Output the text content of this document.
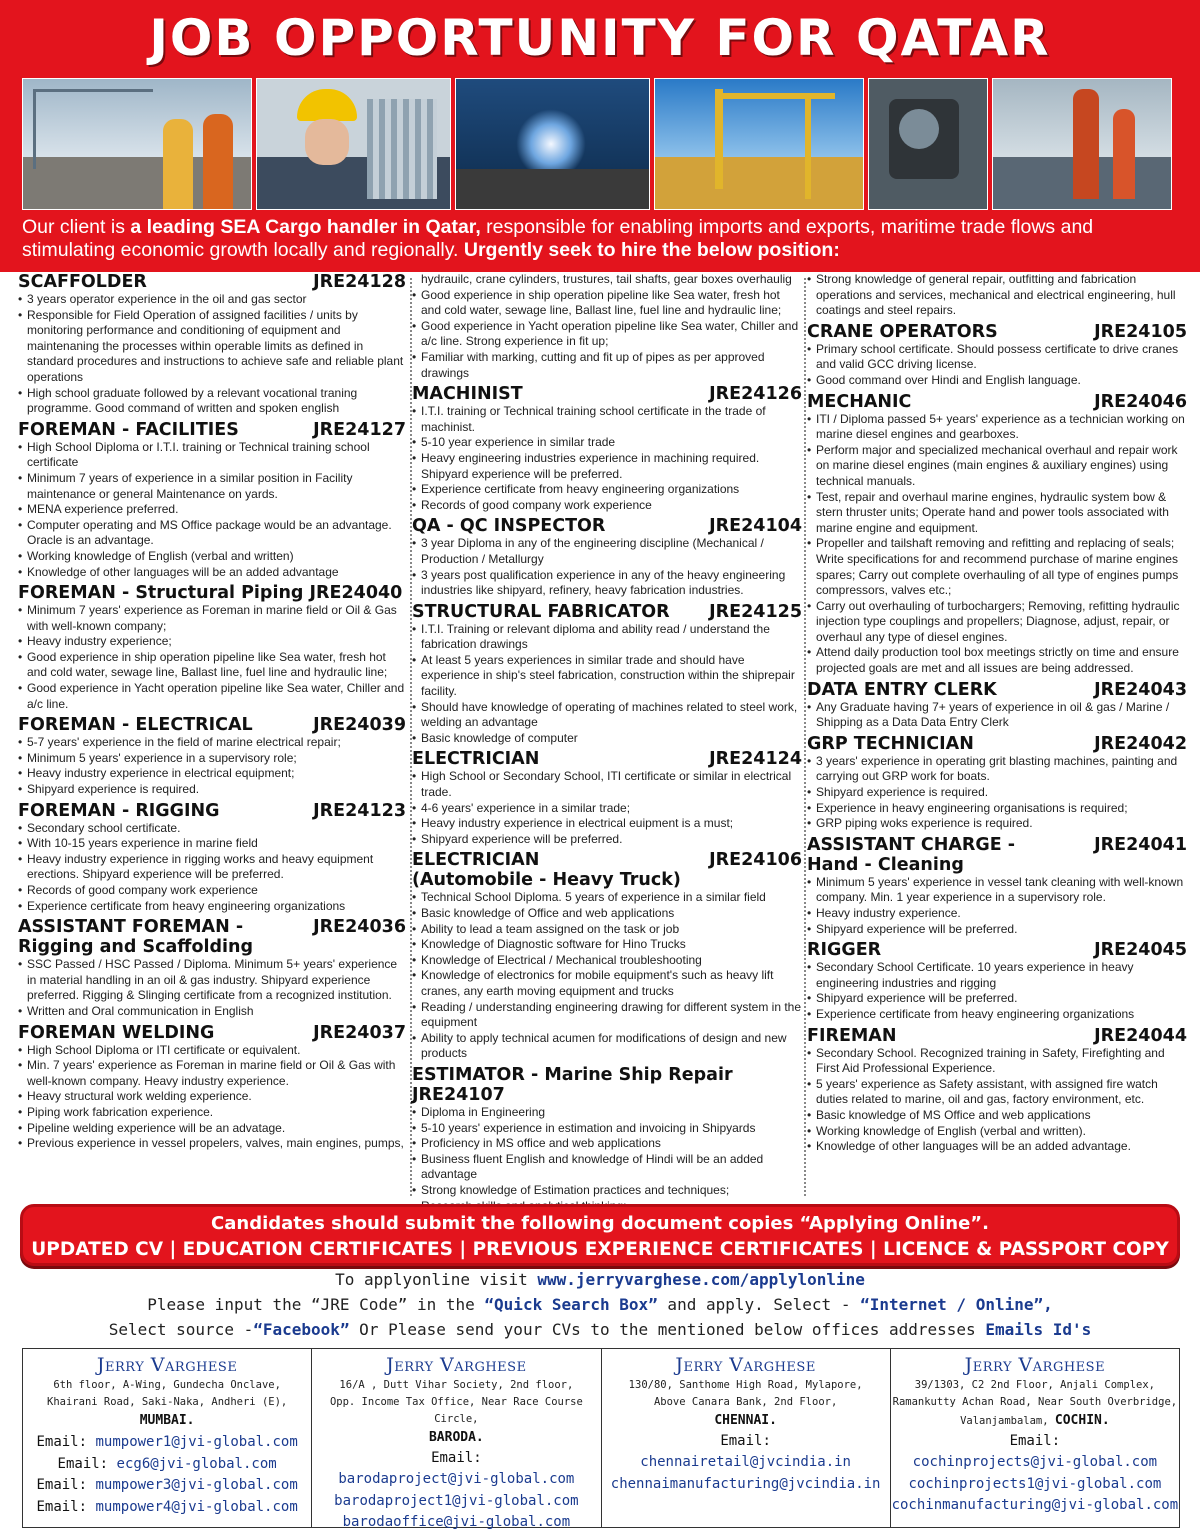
JOB OPPORTUNITY FOR QATAR
Our client is a leading SEA Cargo handler in Qatar, responsible for enabling imports and exports, maritime trade flows and stimulating economic growth locally and regionally. Urgently seek to hire the below position:
SCAFFOLDER	JRE24128
• 3 years operator experience in the oil and gas sector
• Responsible for Field Operation of assigned facilities / units by monitoring performance and conditioning of equipment and maintenaning the processes within operable limits as defined in standard procedures and instructions to achieve safe and reliable plant operations
• High school graduate followed by a relevant vocational traning programme. Good command of written and spoken english
FOREMAN - FACILITIES	JRE24127
• High School Diploma or I.T.I. training or Technical training school certificate
• Minimum 7 years of experience in a similar position in Facility maintenance or general Maintenance on yards.
• MENA experience preferred.
• Computer operating and MS Office package would be an advantage. Oracle is an advantage.
• Working knowledge of English (verbal and written)
• Knowledge of other languages will be an added advantage
FOREMAN - Structural Piping JRE24040
• Minimum 7 years' experience as Foreman in marine field or Oil & Gas with well-known company;
• Heavy industry experience;
• Good experience in ship operation pipeline like Sea water, fresh hot and cold water, sewage line, Ballast line, fuel line and hydraulic line;
• Good experience in Yacht operation pipeline like Sea water, Chiller and a/c line.
FOREMAN - ELECTRICAL	JRE24039
• 5-7 years' experience in the field of marine electrical repair;
• Minimum 5 years' experience in a supervisory role;
• Heavy industry experience in electrical equipment;
• Shipyard experience is required.
FOREMAN - RIGGING	JRE24123
• Secondary school certificate.
• With 10-15 years experience in marine field
• Heavy industry experience in rigging works and heavy equipment erections. Shipyard experience will be preferred.
• Records of good company work experience
• Experience certificate from heavy engineering organizations
ASSISTANT FOREMAN -	JRE24036
Rigging and Scaffolding
• SSC Passed / HSC Passed / Diploma. Minimum 5+ years' experience in material handling in an oil & gas industry. Shipyard experience preferred. Rigging & Slinging certificate from a recognized institution.
• Written and Oral communication in English
FOREMAN WELDING	JRE24037
• High School Diploma or ITI certificate or equivalent.
• Min. 7 years' experience as Foreman in marine field or Oil & Gas with well-known company. Heavy industry experience.
• Heavy structural work welding experience.
• Piping work fabrication experience.
• Pipeline welding experience will be an advatage.
• Previous experience in vessel propelers, valves, main engines, pumps,
hydrauilc, crane cylinders, trustures, tail shafts, gear boxes overhaulig
• Good experience in ship operation pipeline like Sea water, fresh hot and cold water, sewage line, Ballast line, fuel line and hydraulic line;
• Good experience in Yacht operation pipeline like Sea water, Chiller and a/c line. Strong experience in fit up;
• Familiar with marking, cutting and fit up of pipes as per approved drawings
MACHINIST	JRE24126
• I.T.I. training or Technical training school certificate in the trade of machinist.
• 5-10 year experience in similar trade
• Heavy engineering industries experience in machining required. Shipyard experience will be preferred.
• Experience certificate from heavy engineering organizations
• Records of good company work experience
QA - QC INSPECTOR	JRE24104
• 3 year Diploma in any of the engineering discipline (Mechanical / Production / Metallurgy
• 3 years post qualification experience in any of the heavy engineering industries like shipyard, refinery, heavy fabrication industries.
STRUCTURAL FABRICATOR JRE24125
• I.T.I. Training or relevant diploma and ability read / understand the fabrication drawings
• At least 5 years experiences in similar trade and should have experience in ship's steel fabrication, construction within the shiprepair facility.
• Should have knowledge of operating of machines related to steel work, welding an advantage
• Basic knowledge of computer
ELECTRICIAN	JRE24124
• High School or Secondary School, ITI certificate or similar in electrical trade.
• 4-6 years' experience in a similar trade;
• Heavy industry experience in electrical euipment is a must;
• Shipyard experience will be preferred.
ELECTRICIAN	JRE24106
(Automobile - Heavy Truck)
• Technical School Diploma. 5 years of experience in a similar field
• Basic knowledge of Office and web applications
• Ability to lead a team assigned on the task or job
• Knowledge of Diagnostic software for Hino Trucks
• Knowledge of Electrical / Mechanical troubleshooting
• Knowledge of electronics for mobile equipment's such as heavy lift cranes, any earth moving equipment and trucks
• Reading / understanding engineering drawing for different system in the equipment
• Ability to apply technical acumen for modifications of design and new products
ESTIMATOR - Marine Ship Repair JRE24107
• Diploma in Engineering
• 5-10 years' experience in estimation and invoicing in Shipyards
• Proficiency in MS office and web applications
• Business fluent English and knowledge of Hindi will be an added advantage
• Strong knowledge of Estimation practices and techniques;
•
• Strong knowledge of general repair, outfitting and fabrication operations and services, mechanical and electrical engineering, hull coatings and steel repairs.
CRANE OPERATORS	JRE24105
• Primary school certificate. Should possess certificate to drive cranes and valid GCC driving license.
• Good command over Hindi and English language.
MECHANIC	JRE24046
• ITI / Diploma passed 5+ years' experience as a technician working on marine diesel engines and gearboxes.
• Perform major and specialized mechanical overhaul and repair work on marine diesel engines (main engines & auxiliary engines) using technical manuals.
• Test, repair and overhaul marine engines, hydraulic system bow & stern thruster units; Operate hand and power tools associated with marine engine and equipment.
• Propeller and tailshaft removing and refitting and replacing of seals; Write specifications for and recommend purchase of marine engines spares; Carry out complete overhauling of all type of engines pumps compressors, valves etc.;
• Carry out overhauling of turbochargers; Removing, refitting hydraulic injection type couplings and propellers; Diagnose, adjust, repair, or overhaul any type of diesel engines.
• Attend daily production tool box meetings strictly on time and ensure projected goals are met and all issues are being addressed.
DATA ENTRY CLERK	JRE24043
• Any Graduate having 7+ years of experience in oil & gas / Marine / Shipping as a Data Data Entry Clerk
GRP TECHNICIAN	JRE24042
• 3 years' experience in operating grit blasting machines, painting and carrying out GRP work for boats.
• Shipyard experience is required.
• Experience in heavy engineering organisations is required;
• GRP piping woks experience is required.
ASSISTANT CHARGE -	JRE24041
Hand - Cleaning
• Minimum 5 years' experience in vessel tank cleaning with well-known company. Min. 1 year experience in a supervisory role.
• Heavy industry experience.
• Shipyard experience will be preferred.
RIGGER	JRE24045
• Secondary School Certificate. 10 years experience in heavy engineering industries and rigging
• Shipyard experience will be preferred.
• Experience certificate from heavy engineering organizations
FIREMAN	JRE24044
• Secondary School. Recognized training in Safety, Firefighting and First Aid Professional Experience.
• 5 years' experience as Safety assistant, with assigned fire watch duties related to marine, oil and gas, factory environment, etc.
• Basic knowledge of MS Office and web applications
• Working knowledge of English (verbal and written).
• Knowledge of other languages will be an added advantage.
Candidates should submit the following document copies “Applying Online”.
UPDATED CV | EDUCATION CERTIFICATES | PREVIOUS EXPERIENCE CERTIFICATES | LICENCE & PASSPORT COPY
To applyonline visit www.jerryvarghese.com/applylonline
Please input the “JRE Code” in the “Quick Search Box” and apply. Select - “Internet / Online”,
Select source -“Facebook” Or Please send your CVs to the mentioned below offices addresses Emails Id's
Jerry Varghese
6th floor, A-Wing, Gundecha Onclave,
Khairani Road, Saki-Naka, Andheri (E),
MUMBAI.
Email: mumpower1@jvi-global.com
Email: ecg6@jvi-global.com
Email: mumpower3@jvi-global.com
Email: mumpower4@jvi-global.com
Jerry Varghese
16/A , Dutt Vihar Society, 2nd floor,
Opp. Income Tax Office, Near Race Course Circle,
BARODA.
Email:
barodaproject@jvi-global.com
barodaproject1@jvi-global.com
barodaoffice@jvi-global.com
Jerry Varghese
130/80, Santhome High Road, Mylapore,
Above Canara Bank, 2nd Floor,
CHENNAI.
Email:
chennairetail@jvcindia.in
chennaimanufacturing@jvcindia.in
Jerry Varghese
39/1303, C2 2nd Floor, Anjali Complex,
Ramankutty Achan Road, Near South Overbridge,
Valanjambalam, COCHIN.
Email:
cochinprojects@jvi-global.com
cochinprojects1@jvi-global.com
cochinmanufacturing@jvi-global.com
